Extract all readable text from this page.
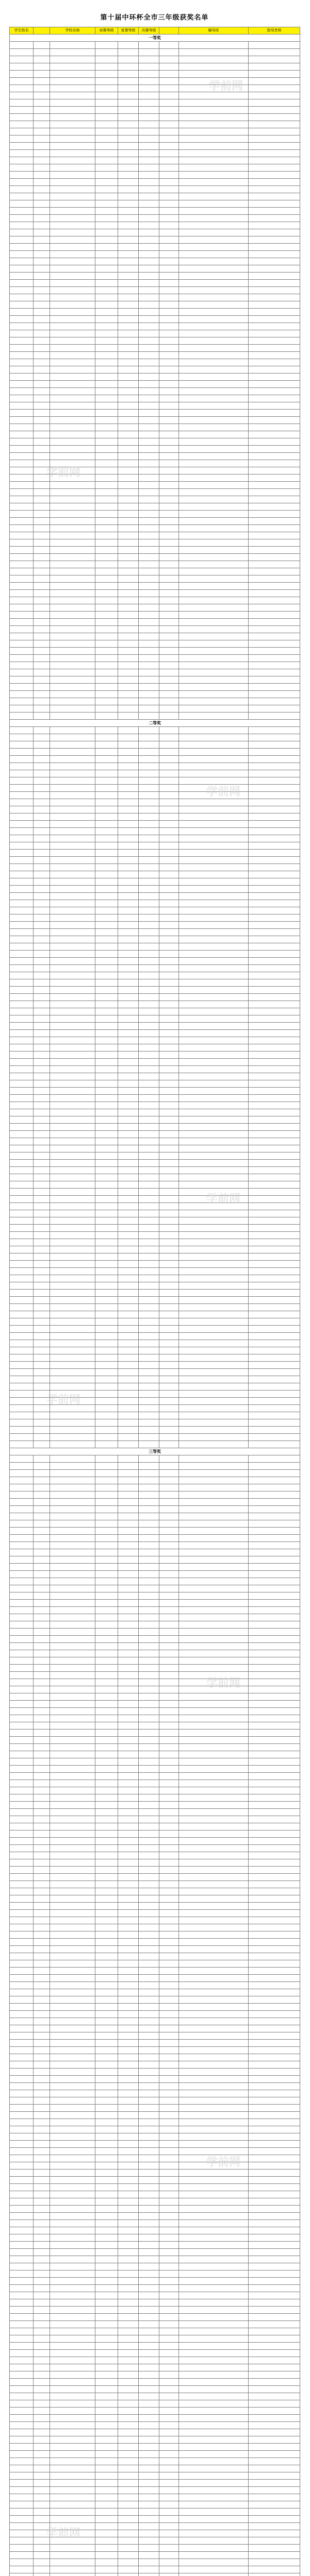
第十届中环杯全市三年级获奖名单
学生姓名		学校名称	初赛等级	复赛等级	决赛等级		辅导班	指导老师
一等奖								

二等奖								

三等奖								

学前网
学前网
学前网
学前网
学前网
学前网
学前网
学前网
